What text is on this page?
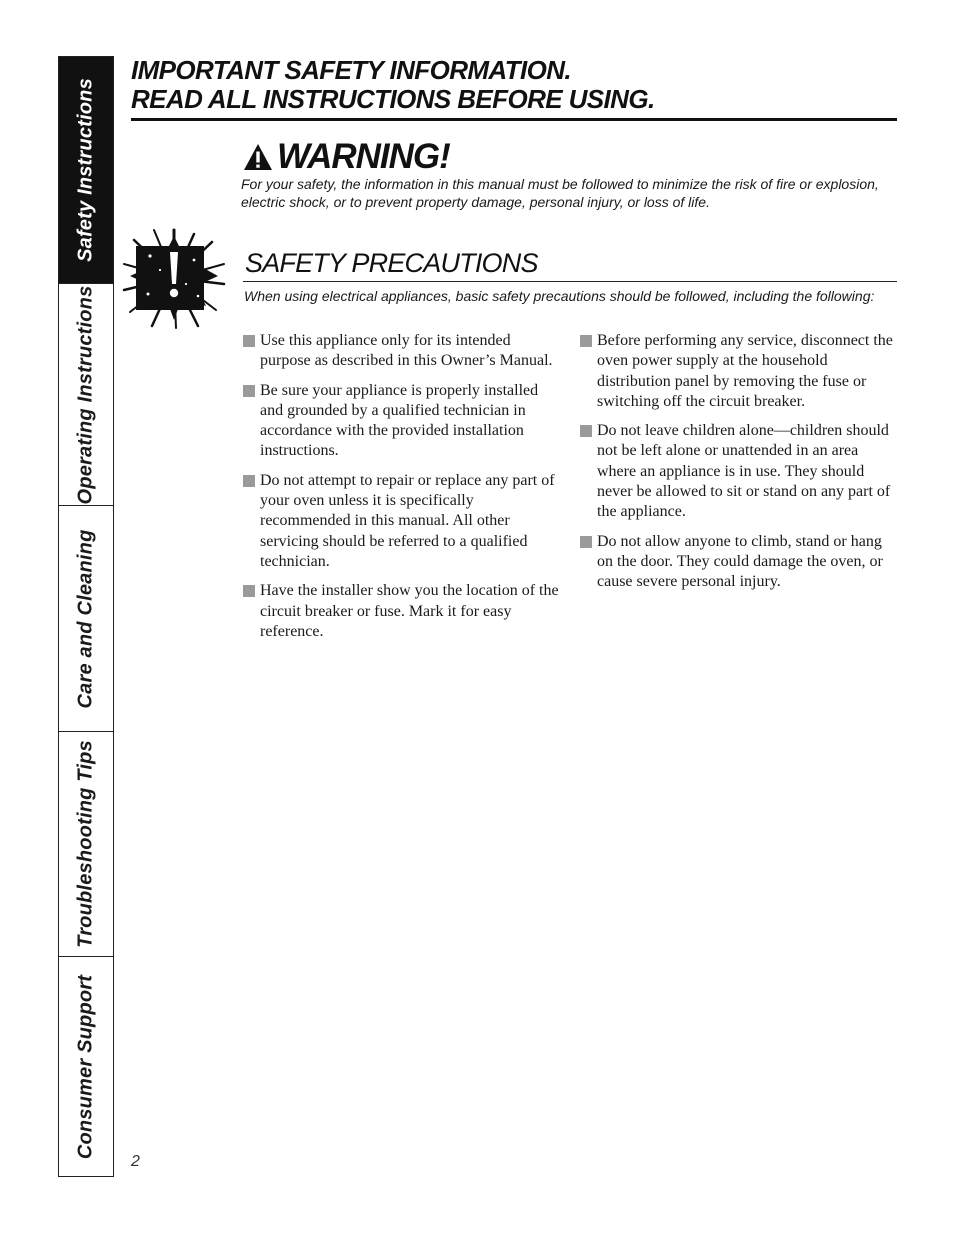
Safety Instructions
Operating Instructions
Care and Cleaning
Troubleshooting Tips
Consumer Support
IMPORTANT SAFETY INFORMATION.
READ ALL INSTRUCTIONS BEFORE USING.
WARNING!

For your safety, the information in this manual must be followed to minimize the risk of fire or explosion, electric shock, or to prevent property damage, personal injury, or loss of life.

SAFETY PRECAUTIONS

When using electrical appliances, basic safety precautions should be followed, including the following:

Use this appliance only for its intended purpose as described in this Owner’s Manual.
Be sure your appliance is properly installed and grounded by a qualified technician in accordance with the provided installation instructions.
Do not attempt to repair or replace any part of your oven unless it is specifically recommended in this manual. All other servicing should be referred to a qualified technician.
Have the installer show you the location of the circuit breaker or fuse. Mark it for easy reference.
Before performing any service, disconnect the oven power supply at the household distribution panel by removing the fuse or switching off the circuit breaker.
Do not leave children alone—children should not be left alone or unattended in an area where an appliance is in use. They should never be allowed to sit or stand on any part of the appliance.
Do not allow anyone to climb, stand or hang on the door. They could damage the oven, or cause severe personal injury.
2
